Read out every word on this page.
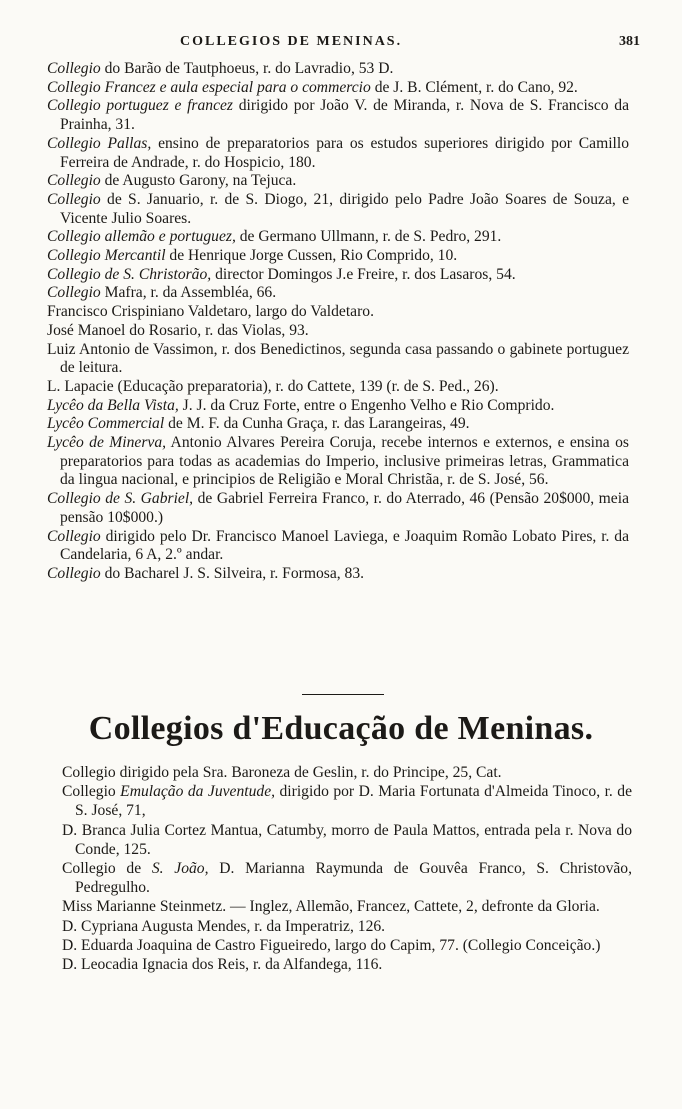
COLLEGIOS DE MENINAS.	381

Collegio do Barão de Tautphoeus, r. do Lavradio, 53 D.

Collegio Francez e aula especial para o commercio de J. B. Clément, r. do Cano, 92.

Collegio portuguez e francez dirigido por João V. de Miranda, r. Nova de S. Francisco da Prainha, 31.

Collegio Pallas, ensino de preparatorios para os estudos superiores dirigido por Camillo Ferreira de Andrade, r. do Hospicio, 180.

Collegio de Augusto Garony, na Tejuca.

Collegio de S. Januario, r. de S. Diogo, 21, dirigido pelo Padre João Soares de Souza, e Vicente Julio Soares.

Collegio allemão e portuguez, de Germano Ullmann, r. de S. Pedro, 291.

Collegio Mercantil de Henrique Jorge Cussen, Rio Comprido, 10.

Collegio de S. Christorão, director Domingos J.e Freire, r. dos Lasaros, 54.

Collegio Mafra, r. da Assembléa, 66.

Francisco Crispiniano Valdetaro, largo do Valdetaro.

José Manoel do Rosario, r. das Violas, 93.

Luiz Antonio de Vassimon, r. dos Benedictinos, segunda casa passando o gabinete portuguez de leitura.

L. Lapacie (Educação preparatoria), r. do Cattete, 139 (r. de S. Ped., 26).

Lycêo da Bella Vista, J. J. da Cruz Forte, entre o Engenho Velho e Rio Comprido.

Lycêo Commercial de M. F. da Cunha Graça, r. das Larangeiras, 49.

Lycêo de Minerva, Antonio Alvares Pereira Coruja, recebe internos e externos, e ensina os preparatorios para todas as academias do Imperio, inclusive primeiras letras, Grammatica da lingua nacional, e principios de Religião e Moral Christãa, r. de S. José, 56.

Collegio de S. Gabriel, de Gabriel Ferreira Franco, r. do Aterrado, 46 (Pensão 20$000, meia pensão 10$000.)

Collegio dirigido pelo Dr. Francisco Manoel Laviega, e Joaquim Romão Lobato Pires, r. da Candelaria, 6 A, 2.º andar.

Collegio do Bacharel J. S. Silveira, r. Formosa, 83.

Collegios d'Educação de Meninas.

Collegio dirigido pela Sra. Baroneza de Geslin, r. do Principe, 25, Cat.

Collegio Emulação da Juventude, dirigido por D. Maria Fortunata d'Almeida Tinoco, r. de S. José, 71,

D. Branca Julia Cortez Mantua, Catumby, morro de Paula Mattos, entrada pela r. Nova do Conde, 125.

Collegio de S. João, D. Marianna Raymunda de Gouvêa Franco, S. Christovão, Pedregulho.

Miss Marianne Steinmetz. — Inglez, Allemão, Francez, Cattete, 2, defronte da Gloria.

D. Cypriana Augusta Mendes, r. da Imperatriz, 126.

D. Eduarda Joaquina de Castro Figueiredo, largo do Capim, 77. (Collegio Conceição.)

D. Leocadia Ignacia dos Reis, r. da Alfandega, 116.
